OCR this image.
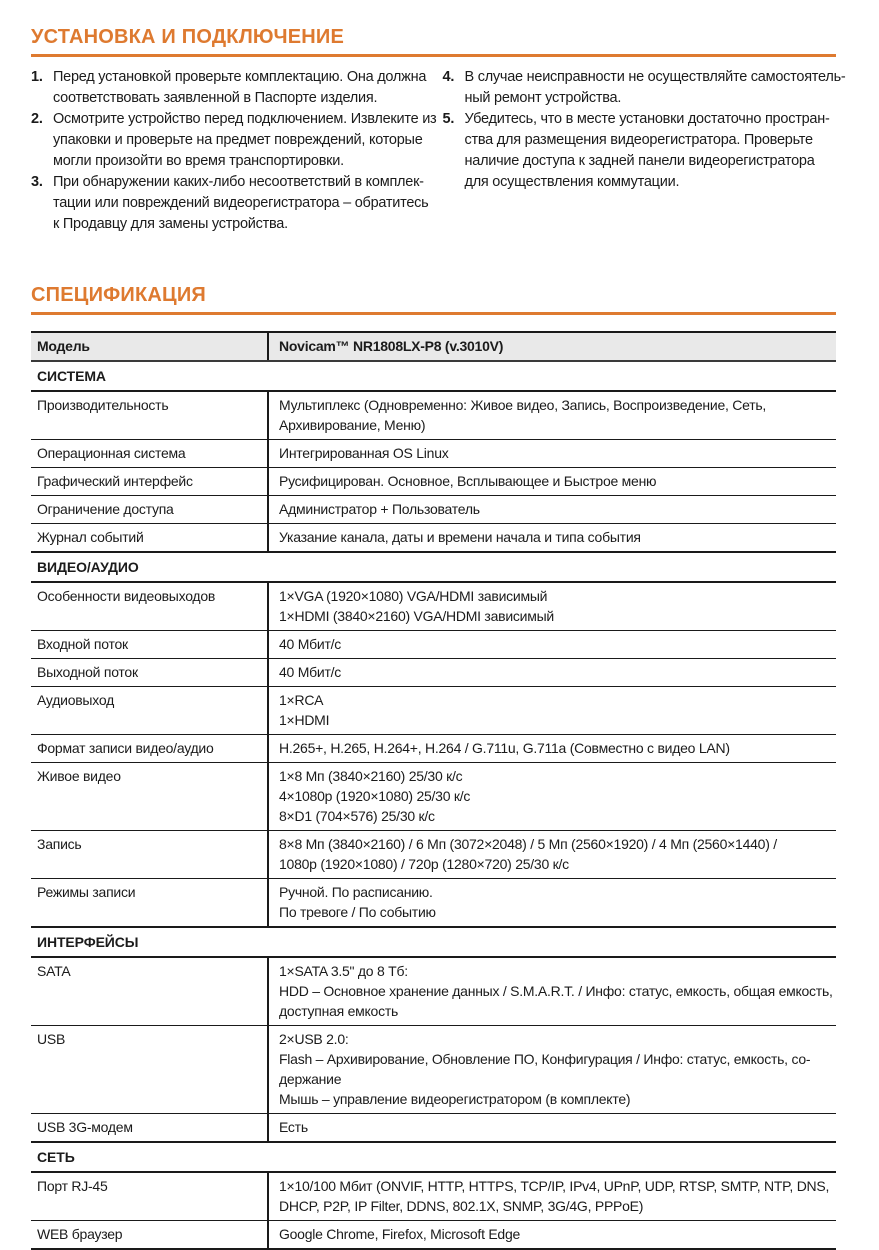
УСТАНОВКА И ПОДКЛЮЧЕНИЕ
1. Перед установкой проверьте комплектацию. Она должна
соответствовать заявленной в Паспорте изделия.
2. Осмотрите устройство перед подключением. Извлеките из
упаковки и проверьте на предмет повреждений, которые
могли произойти во время транспортировки.
3. При обнаружении каких-либо несоответствий в комплек-
тации или повреждений видеорегистратора – обратитесь
к Продавцу для замены устройства.
4. В случае неисправности не осуществляйте самостоятель-
ный ремонт устройства.
5. Убедитесь, что в месте установки достаточно простран-
ства для размещения видеорегистратора. Проверьте
наличие доступа к задней панели видеорегистратора
для осуществления коммутации.
СПЕЦИФИКАЦИЯ
Модель	Novicam™ NR1808LX-P8 (v.3010V)

СИСТЕМА	
Производительность	Мультиплекс (Одновременно: Живое видео, Запись, Воспроизведение, Сеть,
Архивирование, Меню)

Операционная система	Интегрированная OS Linux

Графический интерфейс	Русифицирован. Основное, Всплывающее и Быстрое меню

Ограничение доступа	Администратор + Пользователь

Журнал событий	Указание канала, даты и времени начала и типа события

ВИДЕО/АУДИО	
Особенности видеовыходов	1×VGA (1920×1080) VGA/HDMI зависимый
1×HDMI (3840×2160) VGA/HDMI зависимый

Входной поток	40 Мбит/с

Выходной поток	40 Мбит/с

Аудиовыход	1×RCA
1×HDMI

Формат записи видео/аудио	H.265+, H.265, H.264+, H.264 / G.711u, G.711a (Совместно с видео LAN)

Живое видео	1×8 Мп (3840×2160) 25/30 к/с
4×1080p (1920×1080) 25/30 к/с
8×D1 (704×576) 25/30 к/с

Запись	8×8 Мп (3840×2160) / 6 Мп (3072×2048) / 5 Мп (2560×1920) / 4 Мп (2560×1440) /
1080p (1920×1080) / 720p (1280×720) 25/30 к/с

Режимы записи	Ручной. По расписанию.
По тревоге / По событию

ИНТЕРФЕЙСЫ	
SATA	1×SATA 3.5" до 8 Тб:
HDD – Основное хранение данных / S.M.A.R.T. / Инфо: статус, емкость, общая емкость,
доступная емкость

USB	2×USB 2.0:
Flash – Архивирование, Обновление ПО, Конфигурация / Инфо: статус, емкость, со-
держание
Мышь – управление видеорегистратором (в комплекте)

USB 3G-модем	Есть

СЕТЬ	
Порт RJ-45	1×10/100 Мбит (ONVIF, HTTP, HTTPS, TCP/IP, IPv4, UPnP, UDP, RTSP, SMTP, NTP, DNS,
DHCP, P2P, IP Filter, DDNS, 802.1X, SNMP, 3G/4G, PPPoE)

WEB браузер	Google Chrome, Firefox, Microsoft Edge
